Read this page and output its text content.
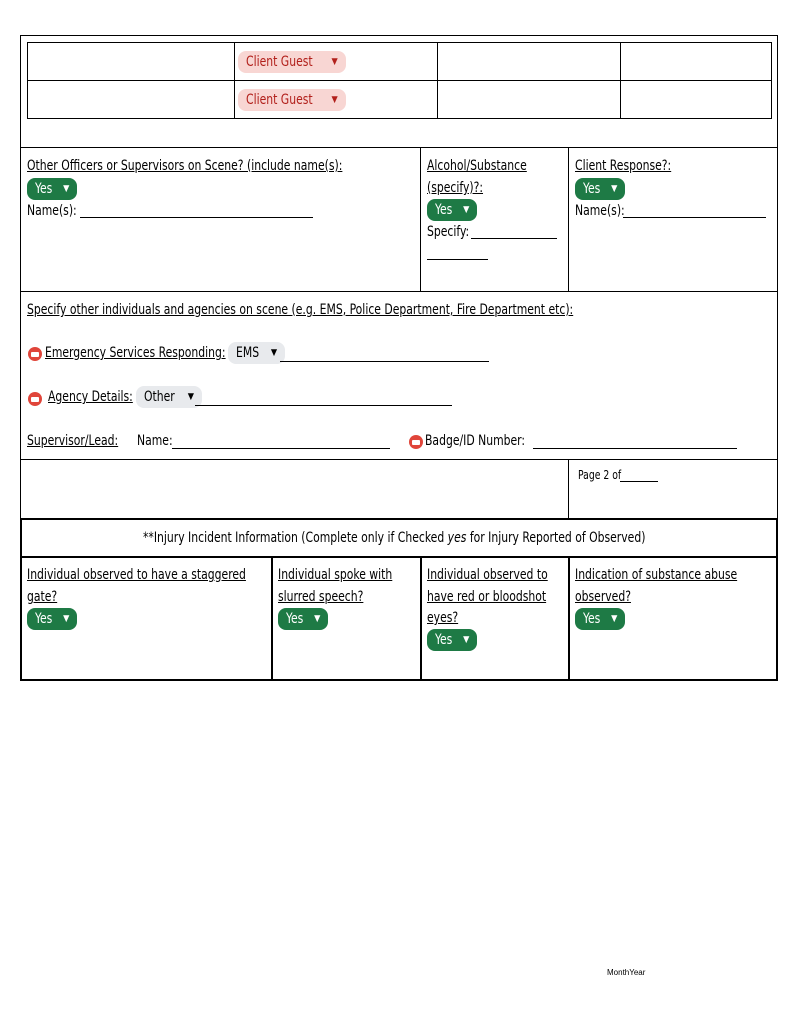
Client Guest ▼
Client Guest ▼
Other Officers or Supervisors on Scene? (include name(s):
Yes ▼
Name(s):
Alcohol/Substance
(specify)?:
Yes ▼
Specify:
Client Response?:
Yes ▼
Name(s):
Specify other individuals and agencies on scene (e.g. EMS, Police Department, Fire Department etc):
Emergency Services Responding: EMS ▼
Agency Details: Other ▼
Supervisor/Lead: Name:	Badge/ID Number:
Page 2 of
**Injury Incident Information (Complete only if Checked yes for Injury Reported of Observed)
Individual observed to have a staggered
gate?
Yes ▼
Individual spoke with
slurred speech?
Yes ▼
Individual observed to
have red or bloodshot
eyes?
Yes ▼
Indication of substance abuse
observed?
Yes ▼
MonthYear
